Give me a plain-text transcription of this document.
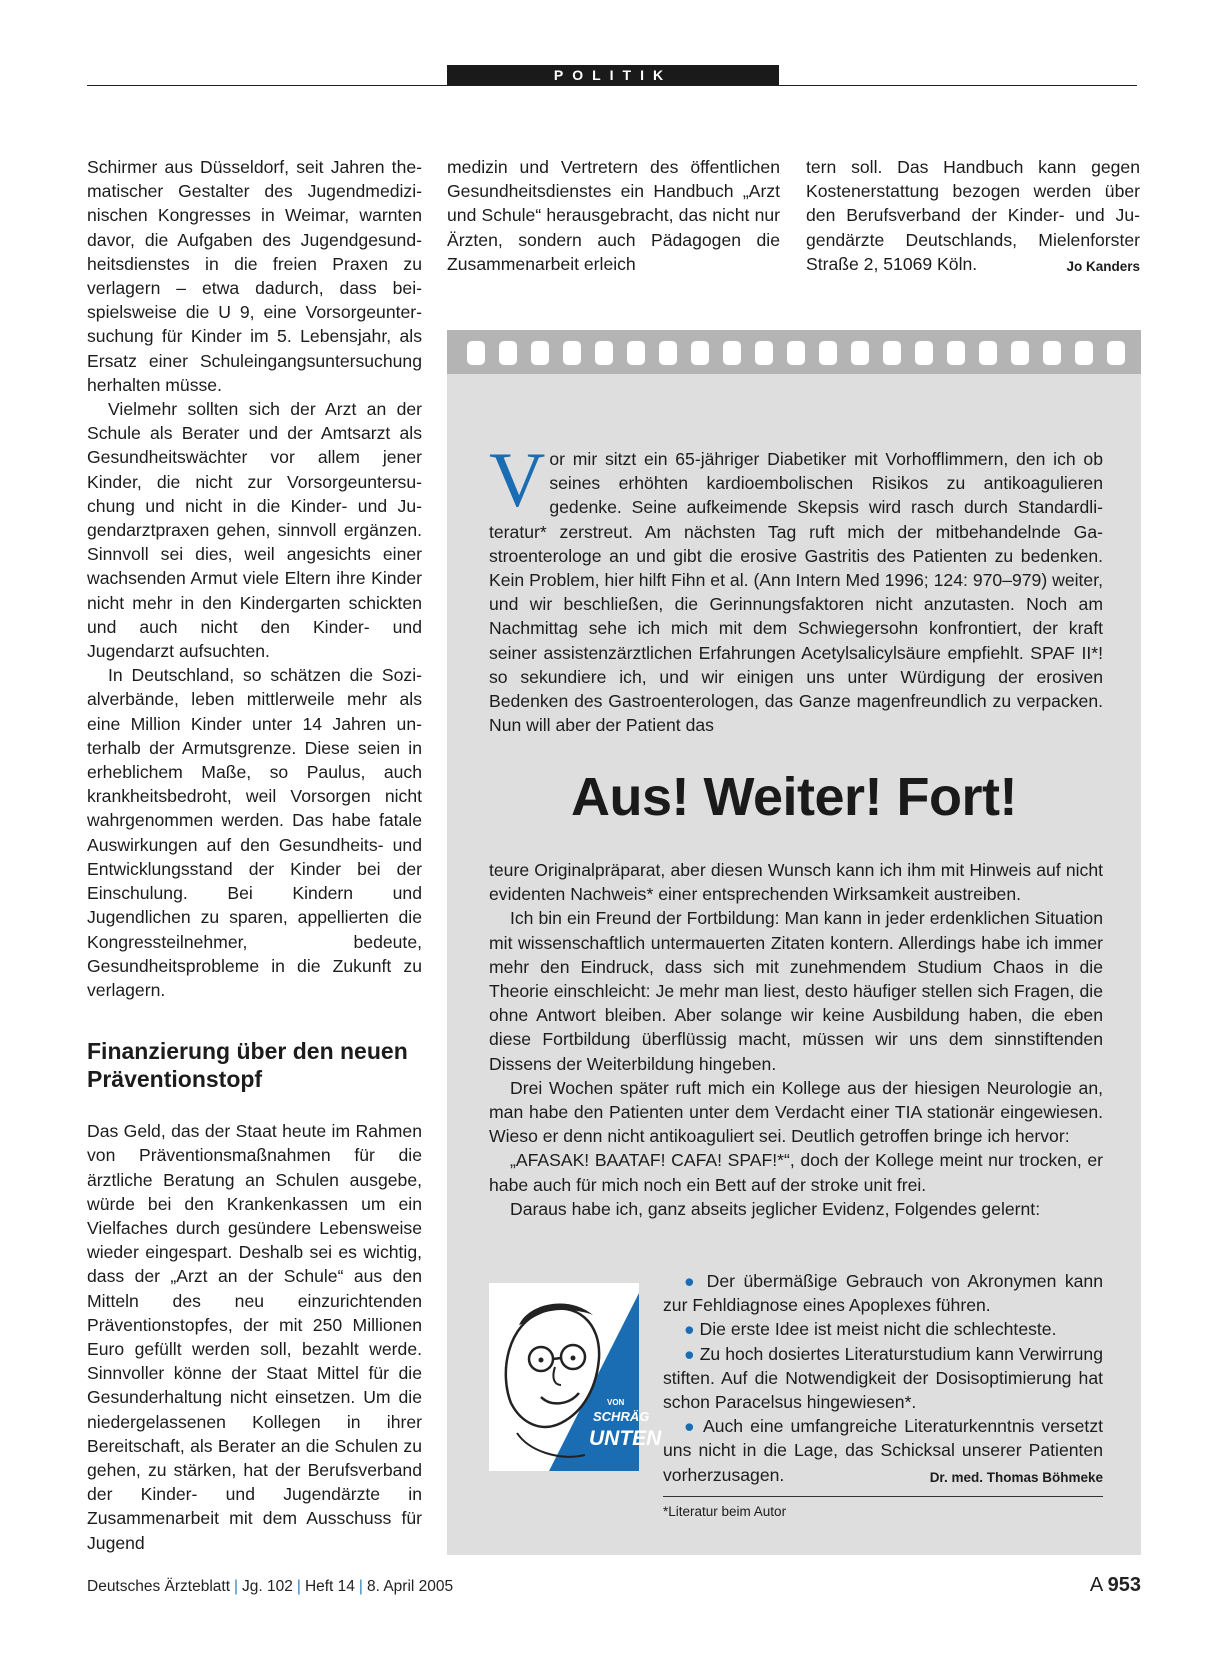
POLITIK

Schirmer aus Düsseldorf, seit Jahren thematischer Gestalter des Jugendmedizinischen Kongresses in Weimar, warnten davor, die Aufgaben des Jugendgesundheitsdienstes in die freien Praxen zu verlagern – etwa dadurch, dass beispielsweise die U 9, eine Vorsorgeuntersuchung für Kinder im 5. Lebensjahr, als Ersatz einer Schuleingangsuntersuchung herhalten müsse.

Vielmehr sollten sich der Arzt an der Schule als Berater und der Amtsarzt als Gesundheitswächter vor allem jener Kinder, die nicht zur Vorsorgeuntersuchung und nicht in die Kinder- und Jugendarztpraxen gehen, sinnvoll ergänzen. Sinnvoll sei dies, weil angesichts einer wachsenden Armut viele Eltern ihre Kinder nicht mehr in den Kindergarten schickten und auch nicht den Kinder- und Jugendarzt aufsuchten.

In Deutschland, so schätzen die Sozialverbände, leben mittlerweile mehr als eine Million Kinder unter 14 Jahren unterhalb der Armutsgrenze. Diese seien in erheblichem Maße, so Paulus, auch krankheitsbedroht, weil Vorsorgen nicht wahrgenommen werden. Das habe fatale Auswirkungen auf den Gesundheits- und Entwicklungsstand der Kinder bei der Einschulung. Bei Kindern und Jugendlichen zu sparen, appellierten die Kongressteilnehmer, bedeute, Gesundheitsprobleme in die Zukunft zu verlagern.

Finanzierung über den neuen Präventionstopf

Das Geld, das der Staat heute im Rahmen von Präventionsmaßnahmen für die ärztliche Beratung an Schulen ausgebe, würde bei den Krankenkassen um ein Vielfaches durch gesündere Lebensweise wieder eingespart. Deshalb sei es wichtig, dass der „Arzt an der Schule“ aus den Mitteln des neu einzurichtenden Präventionstopfes, der mit 250 Millionen Euro gefüllt werden soll, bezahlt werde. Sinnvoller könne der Staat Mittel für die Gesunderhaltung nicht einsetzen. Um die niedergelassenen Kollegen in ihrer Bereitschaft, als Berater an die Schulen zu gehen, zu stärken, hat der Berufsverband der Kinder- und Jugendärzte in Zusammenarbeit mit dem Ausschuss für Jugend

medizin und Vertretern des öffentlichen Gesundheitsdienstes ein Handbuch „Arzt und Schule“ herausgebracht, das nicht nur Ärzten, sondern auch Pädagogen die Zusammenarbeit erleich

tern soll. Das Handbuch kann gegen Kostenerstattung bezogen werden über den Berufsverband der Kinder- und Jugendärzte Deutschlands, Mielenforster Straße 2, 51069 Köln.	Jo Kanders

V or mir sitzt ein 65-jähriger Diabetiker mit Vorhofflimmern, den ich ob seines erhöhten kardioembolischen Risikos zu antikoagulieren gedenke. Seine aufkeimende Skepsis wird rasch durch Standardliteratur* zerstreut. Am nächsten Tag ruft mich der mitbehandelnde Gastroenterologe an und gibt die erosive Gastritis des Patienten zu bedenken. Kein Problem, hier hilft Fihn et al. (Ann Intern Med 1996; 124: 970–979) weiter, und wir beschließen, die Gerinnungsfaktoren nicht anzutasten. Noch am Nachmittag sehe ich mich mit dem Schwiegersohn konfrontiert, der kraft seiner assistenzärztlichen Erfahrungen Acetylsalicylsäure empfiehlt. SPAF II*! so sekundiere ich, und wir einigen uns unter Würdigung der erosiven Bedenken des Gastroenterologen, das Ganze magenfreundlich zu verpacken. Nun will aber der Patient das

Aus! Weiter! Fort!

teure Originalpräparat, aber diesen Wunsch kann ich ihm mit Hinweis auf nicht evidenten Nachweis* einer entsprechenden Wirksamkeit austreiben.

Ich bin ein Freund der Fortbildung: Man kann in jeder erdenklichen Situation mit wissenschaftlich untermauerten Zitaten kontern. Allerdings habe ich immer mehr den Eindruck, dass sich mit zunehmendem Studium Chaos in die Theorie einschleicht: Je mehr man liest, desto häufiger stellen sich Fragen, die ohne Antwort bleiben. Aber solange wir keine Ausbildung haben, die eben diese Fortbildung überflüssig macht, müssen wir uns dem sinnstiftenden Dissens der Weiterbildung hingeben.

Drei Wochen später ruft mich ein Kollege aus der hiesigen Neurologie an, man habe den Patienten unter dem Verdacht einer TIA stationär eingewiesen. Wieso er denn nicht antikoaguliert sei. Deutlich getroffen bringe ich hervor:

„AFASAK! BAATAF! CAFA! SPAF!*“, doch der Kollege meint nur trocken, er habe auch für mich noch ein Bett auf der stroke unit frei.

Daraus habe ich, ganz abseits jeglicher Evidenz, Folgendes gelernt:

VON
SCHRÄG
UNTEN

● Der übermäßige Gebrauch von Akronymen kann zur Fehldiagnose eines Apoplexes führen.

● Die erste Idee ist meist nicht die schlechteste.

● Zu hoch dosiertes Literaturstudium kann Verwirrung stiften. Auf die Notwendigkeit der Dosisoptimierung hat schon Paracelsus hingewiesen*.

● Auch eine umfangreiche Literaturkenntnis versetzt uns nicht in die Lage, das Schicksal unserer Patienten vorherzusagen.	Dr. med. Thomas Böhmeke

*Literatur beim Autor
Deutsches Ärzteblatt | Jg. 102 | Heft 14 | 8. April 2005	A 953
